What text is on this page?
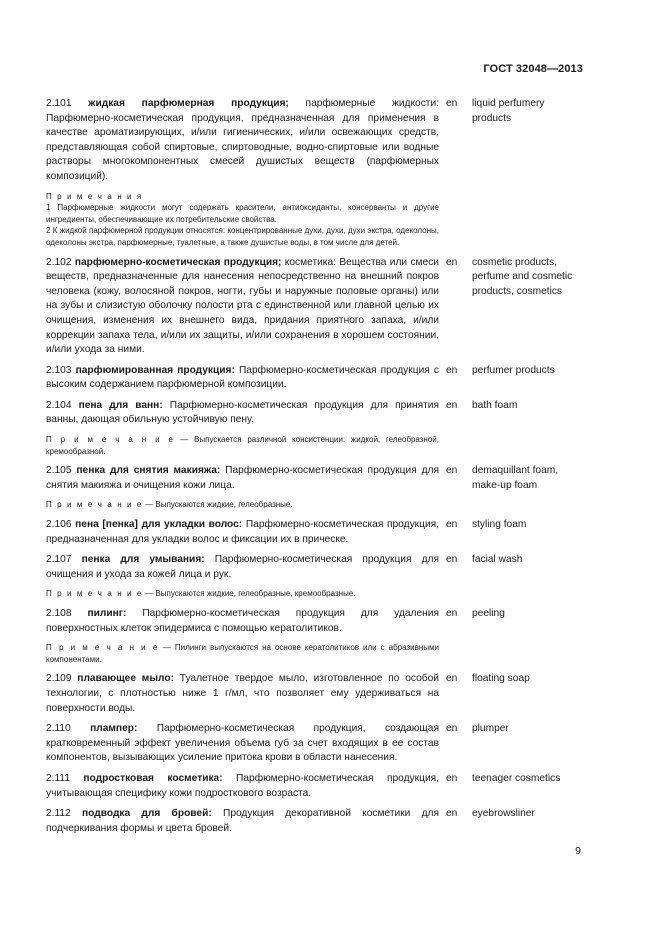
ГОСТ 32048—2013
2.101 жидкая парфюмерная продукция; парфюмерные жидкости: Парфюмерно-косметическая продукция, предназначенная для применения в качестве ароматизирующих, и/или гигиенических, и/или освежающих средств, представляющая собой спиртовые, спиртоводные, водно-спиртовые или водные растворы многокомпонентных смесей душистых веществ (парфюмерных композиций).
en	liquid perfumery products

П р и м е ч а н и я

1 Парфюмерные жидкости могут содержать красители, антиоксиданты, консерванты и другие ингредиенты, обеспечивающие их потребительские свойства.

2 К жидкой парфюмерной продукции относятся: концентрированные духи, духи, духи экстра, одеколоны, одеколоны экстра, парфюмерные, туалетные, а также душистые воды, в том числе для детей.

2.102 парфюмерно-косметическая продукция; косметика: Вещества или смеси веществ, предназначенные для нанесения непосредственно на внешний покров человека (кожу, волосяной покров, ногти, губы и наружные половые органы) или на зубы и слизистую оболочку полости рта с единственной или главной целью их очищения, изменения их внешнего вида, придания приятного запаха, и/или коррекции запаха тела, и/или их защиты, и/или сохранения в хорошем состоянии, и/или ухода за ними.
en	cosmetic products, perfume and cosmetic products, cosmetics
2.103 парфюмированная продукция: Парфюмерно-косметическая продукция с высоким содержанием парфюмерной композиции.
en	perfumer products
2.104 пена для ванн: Парфюмерно-косметическая продукция для принятия ванны, дающая обильную устойчивую пену.
en	bath foam

П р и м е ч а н и е — Выпускается различной консистенции: жидкой, гелеобразной, кремообразной.

2.105 пенка для снятия макияжа: Парфюмерно-косметическая продукция для снятия макияжа и очищения кожи лица.
en	demaquillant foam, make-up foam

П р и м е ч а н и е — Выпускаются жидкие, гелеобразные.

2.106 пена [пенка] для укладки волос: Парфюмерно-косметическая продукция, предназначенная для укладки волос и фиксации их в прическе.
en	styling foam
2.107 пенка для умывания: Парфюмерно-косметическая продукция для очищения и ухода за кожей лица и рук.
en	facial wash

П р и м е ч а н и е — Выпускаются жидкие, гелеобразные, кремообразные.

2.108 пилинг: Парфюмерно-косметическая продукция для удаления поверхностных клеток эпидермиса с помощью кератолитиков.
en	peeling

П р и м е ч а н и е — Пилинги выпускаются на основе кератолитиков или с абразивными компонентами.

2.109 плавающее мыло: Туалетное твердое мыло, изготовленное по особой технологии, с плотностью ниже 1 г/мл, что позволяет ему удерживаться на поверхности воды.
en	floating soap
2.110 плампер: Парфюмерно-косметическая продукция, создающая кратковременный эффект увеличения объема губ за счет входящих в ее состав компонентов, вызывающих усиление притока крови в области нанесения.
en	plumper
2.111 подростковая косметика: Парфюмерно-косметическая продукция, учитывающая специфику кожи подросткового возраста.
en	teenager cosmetics
2.112 подводка для бровей: Продукция декоративной косметики для подчеркивания формы и цвета бровей.
en	eyebrowsliner
9
